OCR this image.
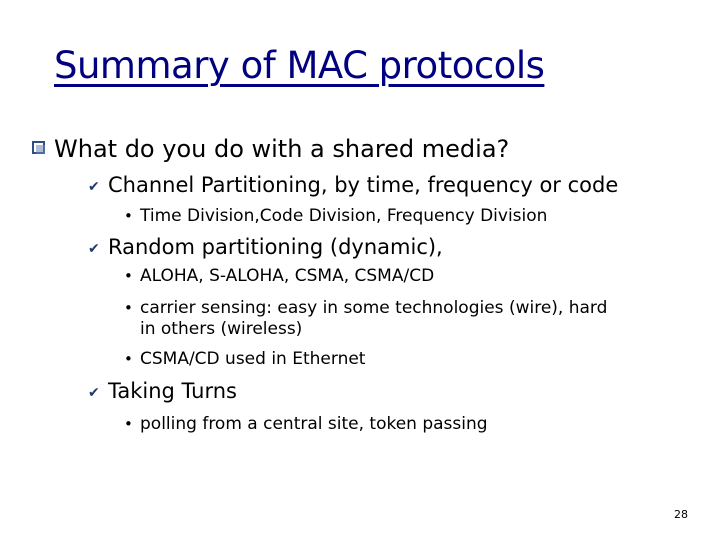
Summary of MAC protocols
What do you do with a shared media?
✔ Channel Partitioning, by time, frequency or code
• Time Division,Code Division, Frequency Division
✔ Random partitioning (dynamic),
• ALOHA, S-ALOHA, CSMA, CSMA/CD
• carrier sensing: easy in some technologies (wire), hard
in others (wireless)
• CSMA/CD used in Ethernet
✔ Taking Turns
• polling from a central site, token passing
28
